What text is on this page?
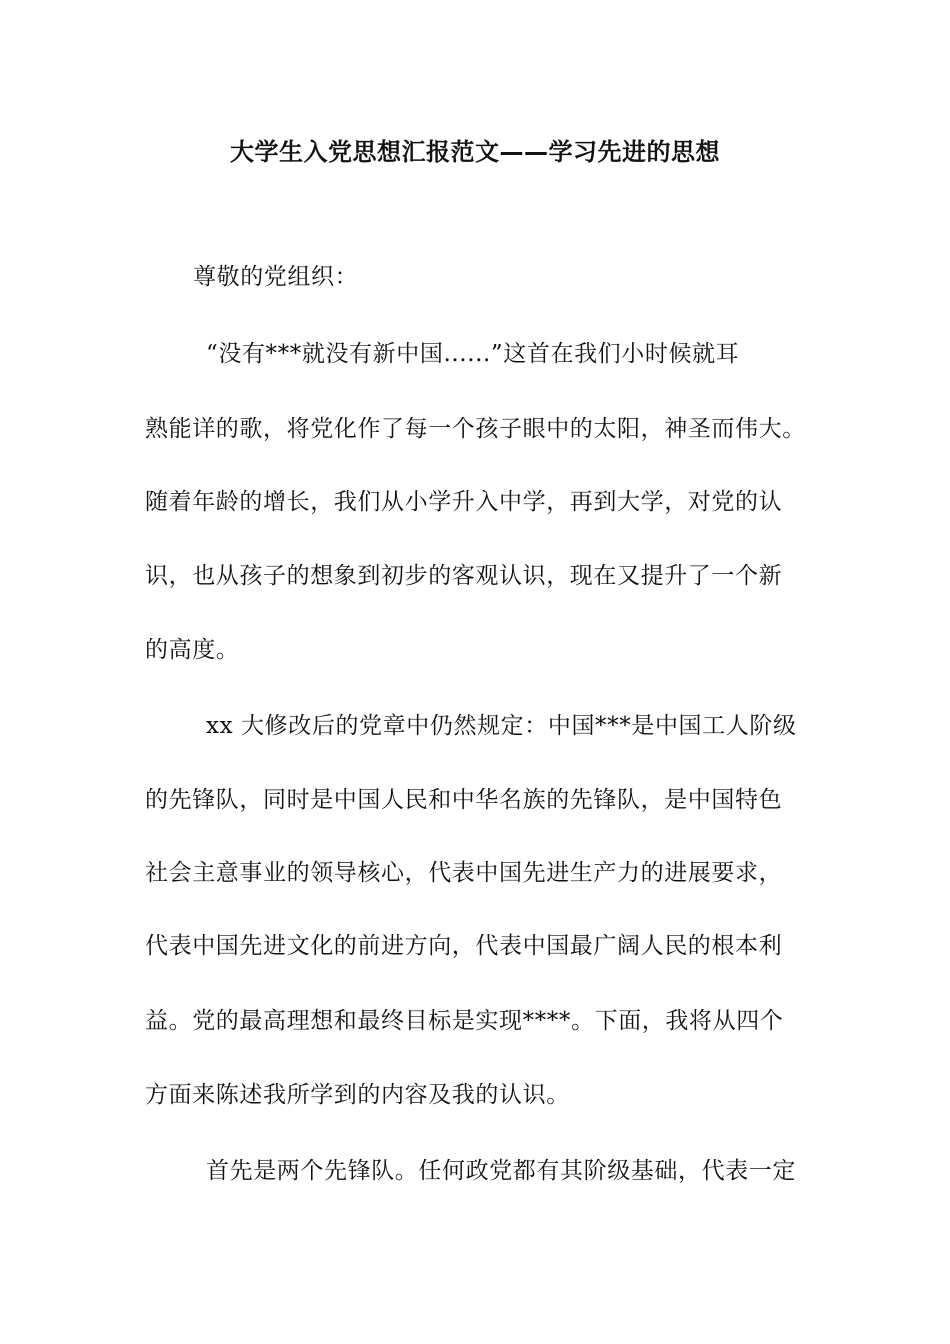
大学生入党思想汇报范文——学习先进的思想
尊敬的党组织：
“没有***就没有新中国......”这首在我们小时候就耳
熟能详的歌，将党化作了每一个孩子眼中的太阳，神圣而伟大。
随着年龄的增长，我们从小学升入中学，再到大学，对党的认
识，也从孩子的想象到初步的客观认识，现在又提升了一个新
的高度。
xx 大修改后的党章中仍然规定：中国***是中国工人阶级
的先锋队，同时是中国人民和中华名族的先锋队，是中国特色
社会主意事业的领导核心，代表中国先进生产力的进展要求，
代表中国先进文化的前进方向，代表中国最广阔人民的根本利
益。党的最高理想和最终目标是实现****。下面，我将从四个
方面来陈述我所学到的内容及我的认识。
首先是两个先锋队。任何政党都有其阶级基础，代表一定
